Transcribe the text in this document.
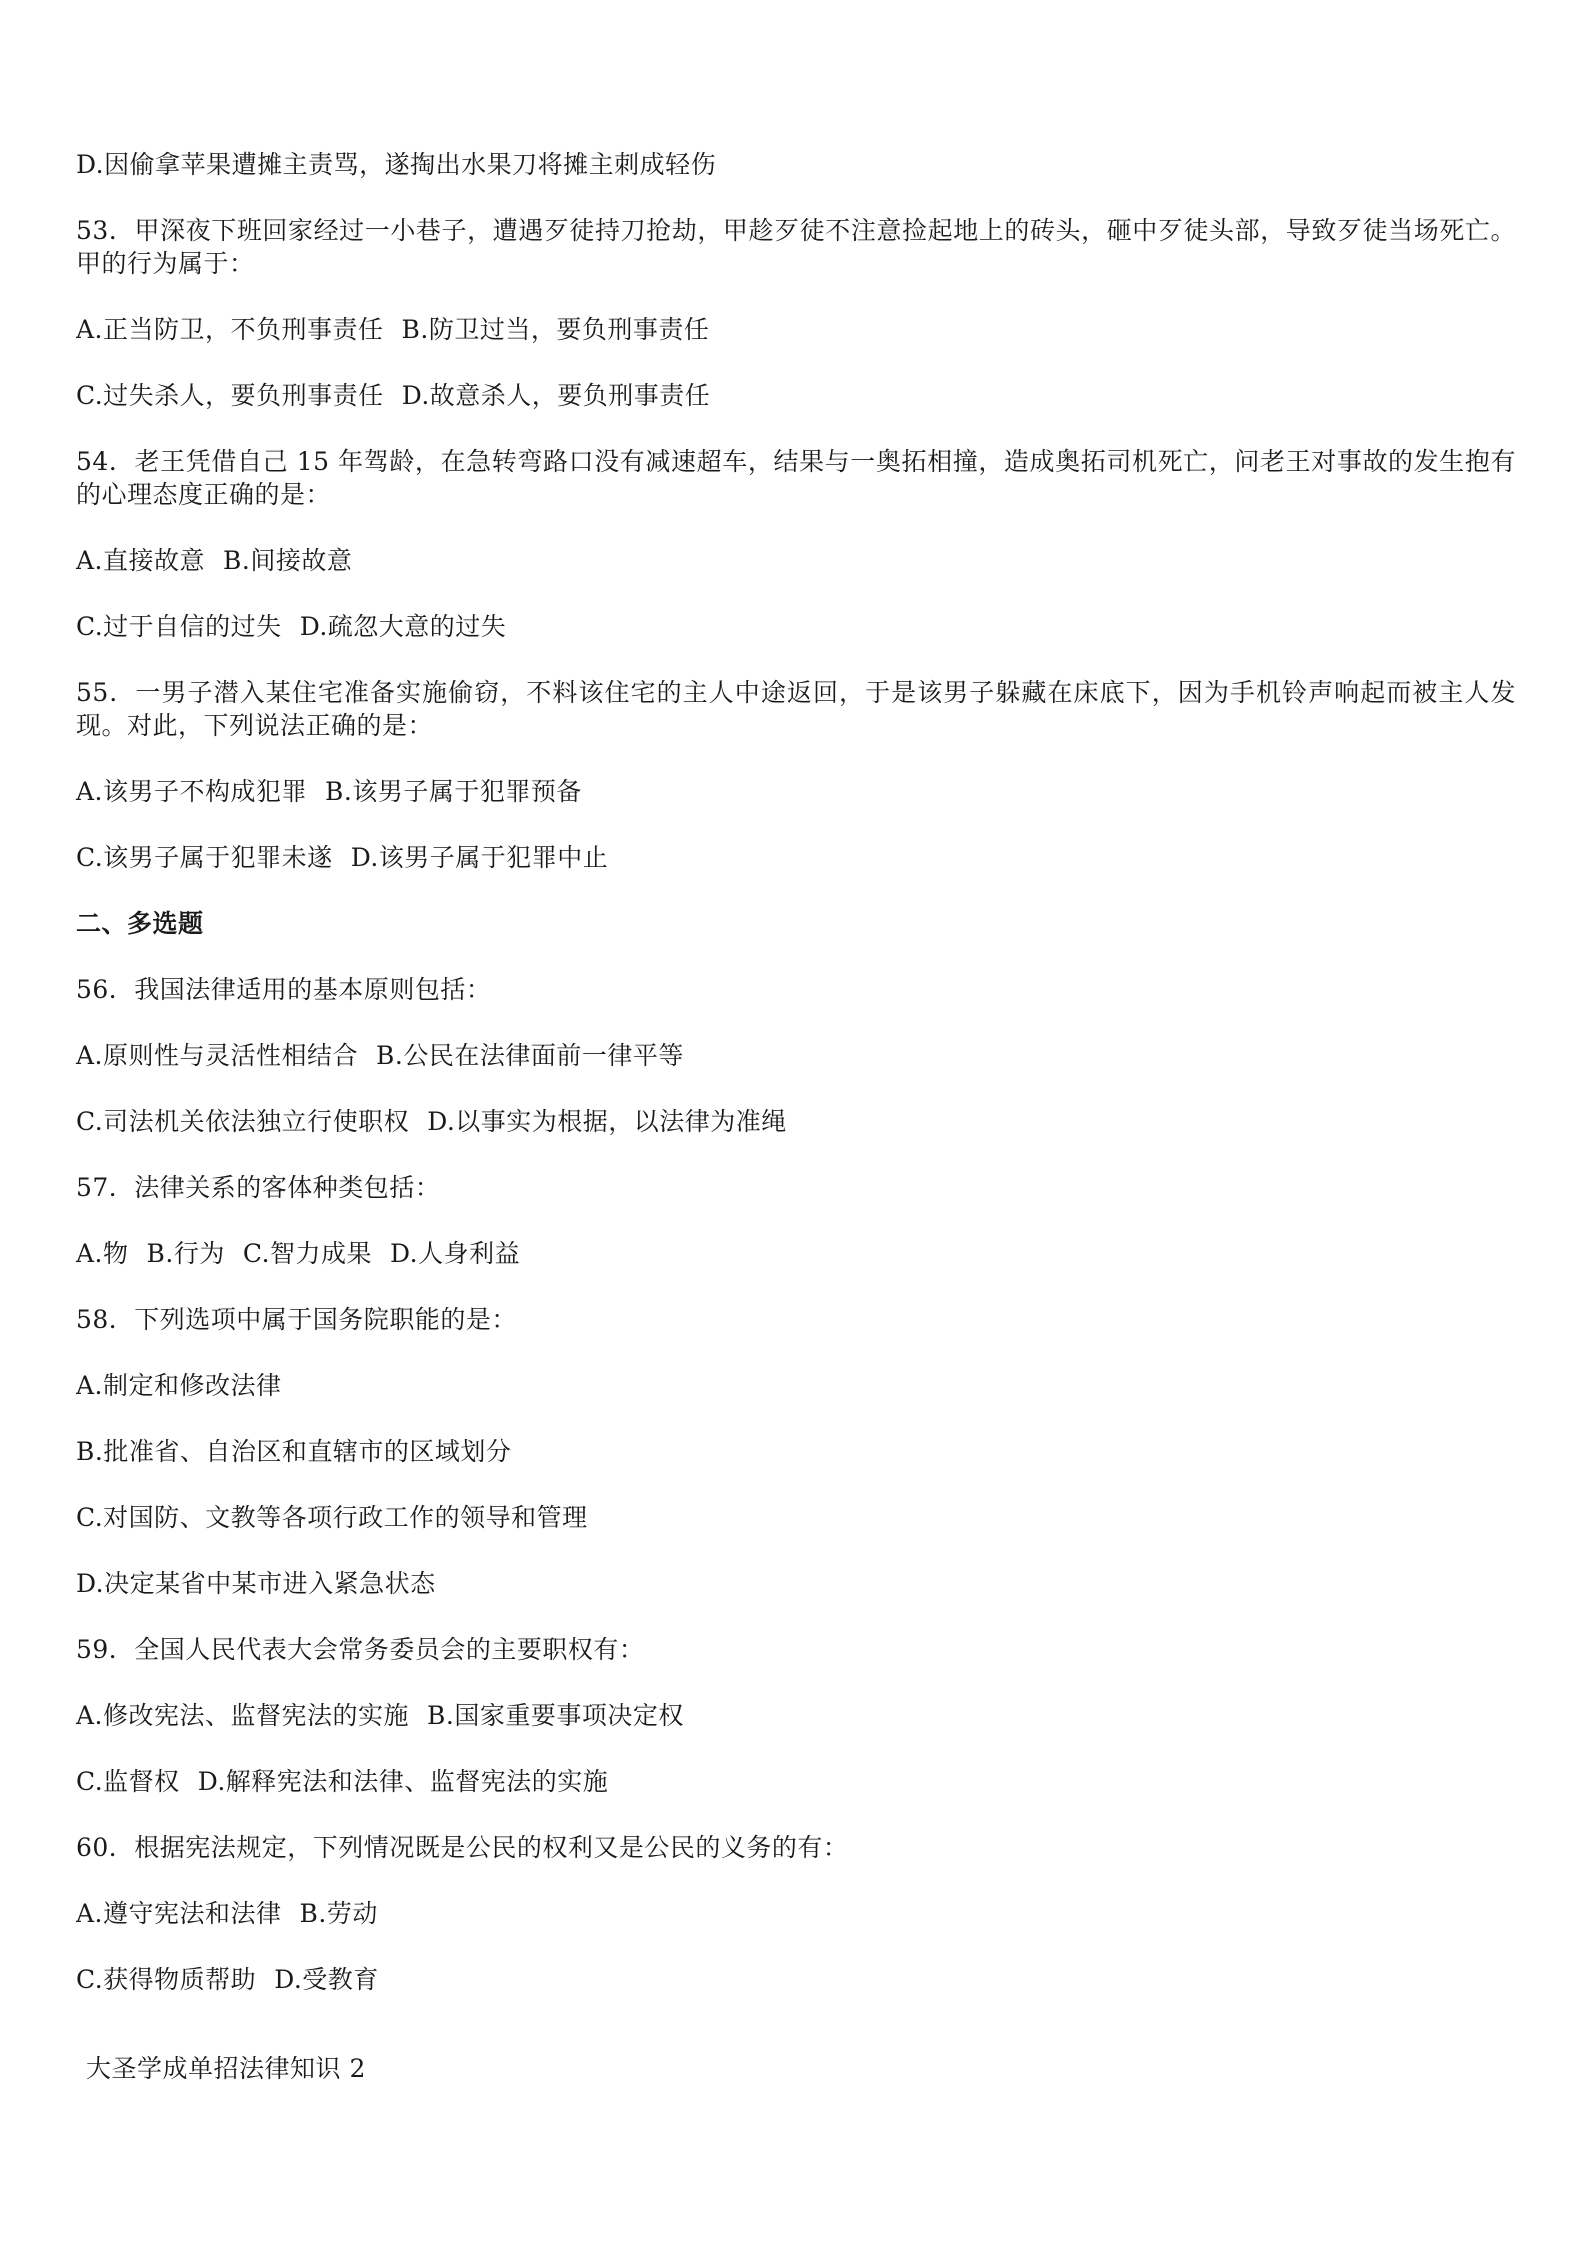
D.因偷拿苹果遭摊主责骂，遂掏出水果刀将摊主刺成轻伤
53．甲深夜下班回家经过一小巷子，遭遇歹徒持刀抢劫，甲趁歹徒不注意捡起地上的砖头，砸中歹徒头部，导致歹徒当场死亡。甲的行为属于：
A.正当防卫，不负刑事责任 B.防卫过当，要负刑事责任
C.过失杀人，要负刑事责任 D.故意杀人，要负刑事责任
54．老王凭借自己 15 年驾龄，在急转弯路口没有减速超车，结果与一奥拓相撞，造成奥拓司机死亡，问老王对事故的发生抱有的心理态度正确的是：
A.直接故意 B.间接故意
C.过于自信的过失 D.疏忽大意的过失
55．一男子潜入某住宅准备实施偷窃，不料该住宅的主人中途返回，于是该男子躲藏在床底下，因为手机铃声响起而被主人发现。对此，下列说法正确的是：
A.该男子不构成犯罪 B.该男子属于犯罪预备
C.该男子属于犯罪未遂 D.该男子属于犯罪中止
二、多选题
56．我国法律适用的基本原则包括：
A.原则性与灵活性相结合 B.公民在法律面前一律平等
C.司法机关依法独立行使职权 D.以事实为根据，以法律为准绳
57．法律关系的客体种类包括：
A.物 B.行为 C.智力成果 D.人身利益
58．下列选项中属于国务院职能的是：
A.制定和修改法律
B.批准省、自治区和直辖市的区域划分
C.对国防、文教等各项行政工作的领导和管理
D.决定某省中某市进入紧急状态
59．全国人民代表大会常务委员会的主要职权有：
A.修改宪法、监督宪法的实施 B.国家重要事项决定权
C.监督权 D.解释宪法和法律、监督宪法的实施
60．根据宪法规定，下列情况既是公民的权利又是公民的义务的有：
A.遵守宪法和法律 B.劳动
C.获得物质帮助 D.受教育
大圣学成单招法律知识 2
